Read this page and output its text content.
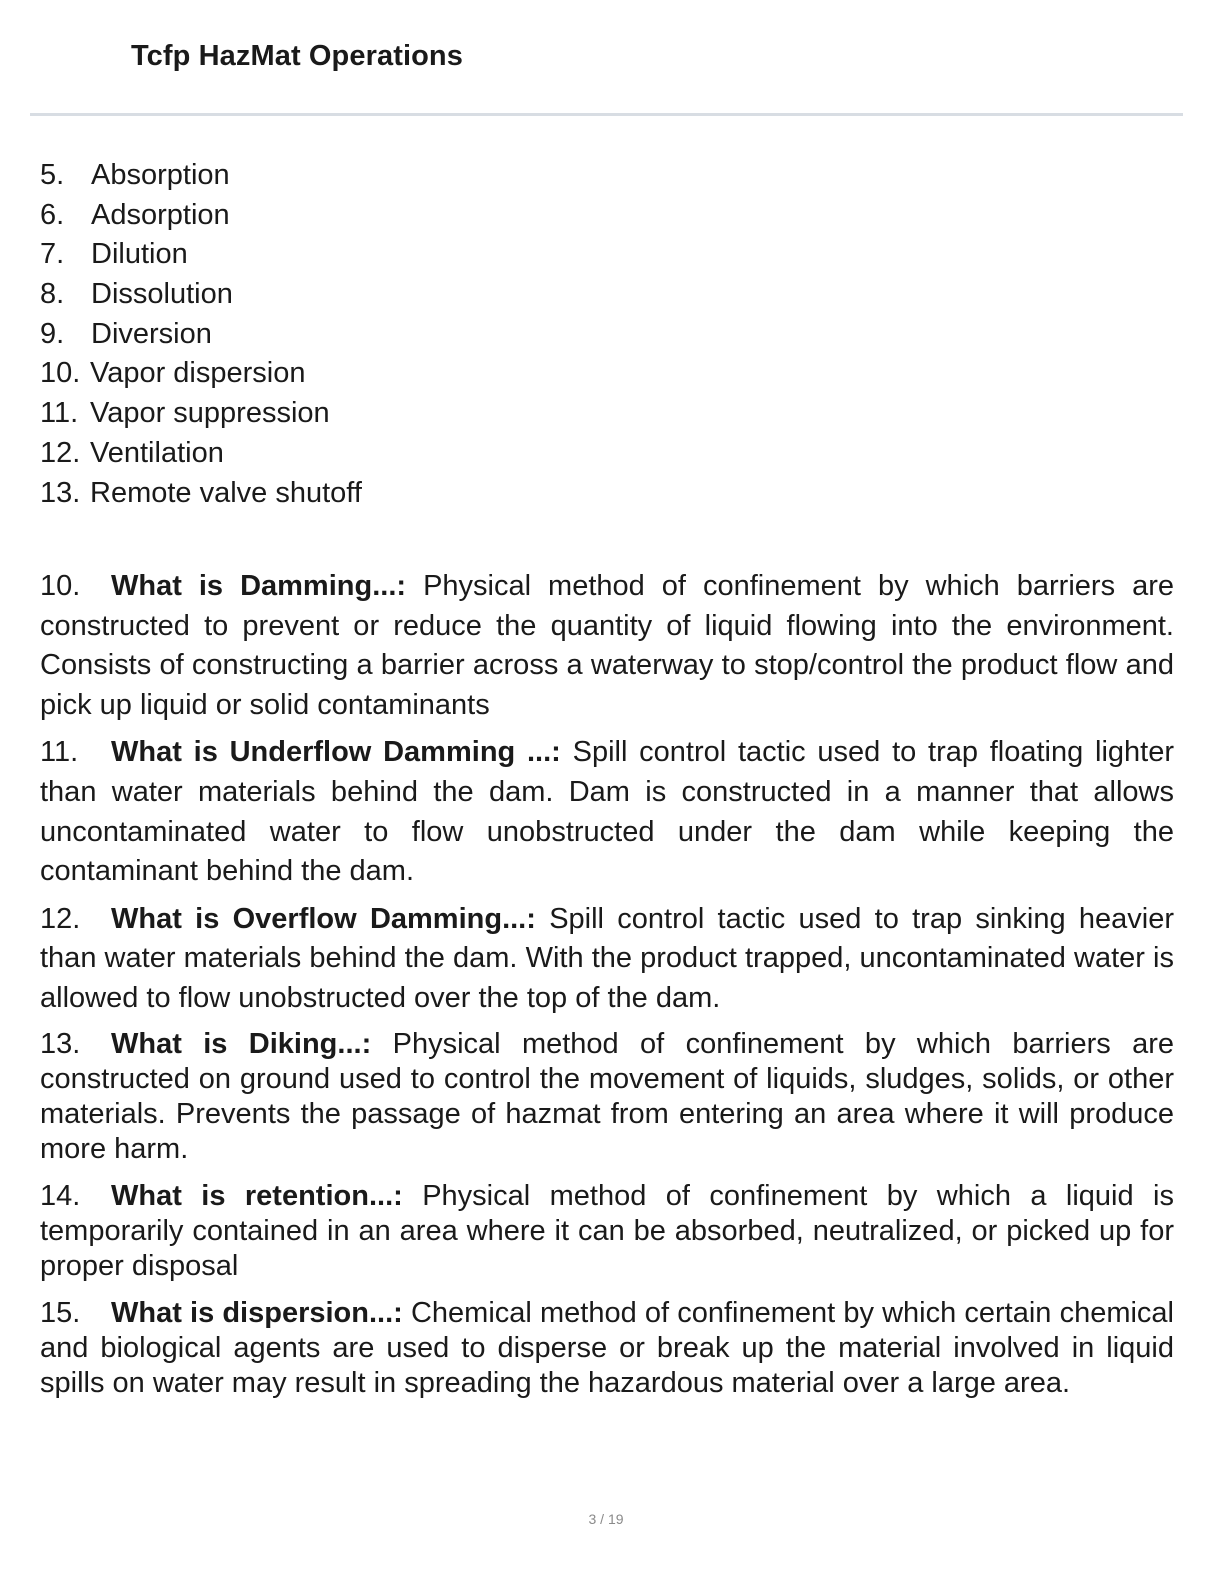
Tcfp HazMat Operations
5. Absorption
6. Adsorption
7. Dilution
8. Dissolution
9. Diversion
10. Vapor dispersion
11. Vapor suppression
12. Ventilation
13. Remote valve shutoff

10. What is Damming...: Physical method of confinement by which barriers are constructed to prevent or reduce the quantity of liquid flowing into the environment. Consists of constructing a barrier across a waterway to stop/control the product flow and pick up liquid or solid contaminants

11. What is Underflow Damming ...: Spill control tactic used to trap floating lighter than water materials behind the dam. Dam is constructed in a manner that allows uncontaminated water to flow unobstructed under the dam while keeping the contaminant behind the dam.

12. What is Overflow Damming...: Spill control tactic used to trap sinking heavier than water materials behind the dam. With the product trapped, uncontaminated water is allowed to flow unobstructed over the top of the dam.

13. What is Diking...: Physical method of confinement by which barriers are constructed on ground used to control the movement of liquids, sludges, solids, or other materials. Prevents the passage of hazmat from entering an area where it will produce more harm.

14. What is retention...: Physical method of confinement by which a liquid is temporarily contained in an area where it can be absorbed, neutralized, or picked up for proper disposal

15. What is dispersion...: Chemical method of confinement by which certain chemical and biological agents are used to disperse or break up the material involved in liquid spills on water may result in spreading the hazardous material over a large area.

3 / 19
